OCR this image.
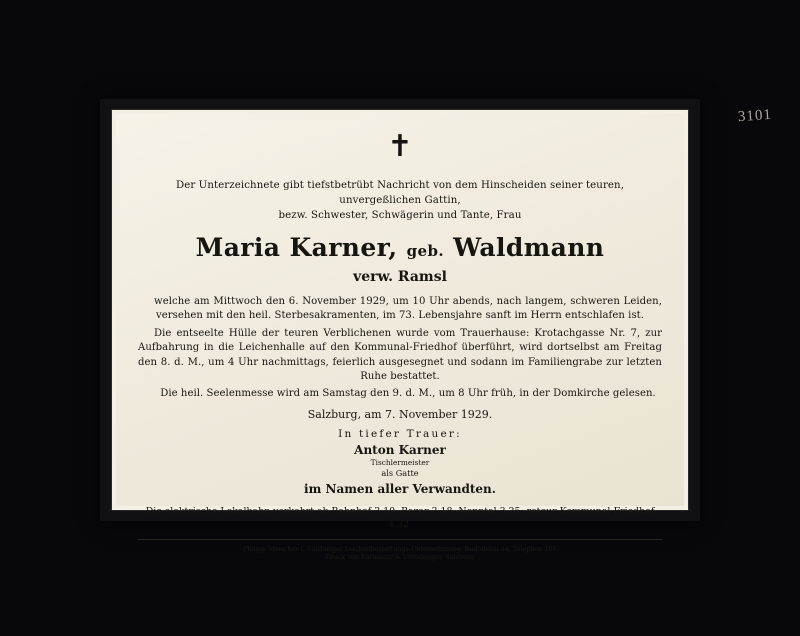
3101
✝
Der Unterzeichnete gibt tiefstbetrübt Nachricht von dem Hinscheiden seiner teuren, unvergeßlichen Gattin,
bezw. Schwester, Schwägerin und Tante, Frau
Maria Karner, geb. Waldmann
verw. Ramsl

welche am Mittwoch den 6. November 1929, um 10 Uhr abends, nach langem, schweren Leiden, versehen mit den heil. Sterbesakramenten, im 73. Lebensjahre sanft im Herrn entschlafen ist.

Die entseelte Hülle der teuren Verblichenen wurde vom Trauerhause: Krotachgasse Nr. 7, zur Aufbahrung in die Leichenhalle auf den Kommunal-Friedhof überführt, wird dortselbst am Freitag den 8. d. M., um 4 Uhr nachmittags, feierlich ausgesegnet und sodann im Familiengrabe zur letzten Ruhe bestattet.

Die heil. Seelenmesse wird am Samstag den 9. d. M., um 8 Uhr früh, in der Domkirche gelesen.

Salzburg, am 7. November 1929.
In tiefer Trauer:
Anton Karner
Tischlermeister
als Gatte
im Namen aller Verwandten.
Die elektrische Lokalbahn verkehrt ab Bahnhof 3.10, Bazar 3.18, Nonntal 3.25; retour Kommunal-Friedhof 4.32.
Philipp Streicher I. Salzburger Leichenbestattungs-Unternehmung, Rudolfskai 44, Telephon 101
Druck von Kathmayr & Urlesberger, Salzburg
